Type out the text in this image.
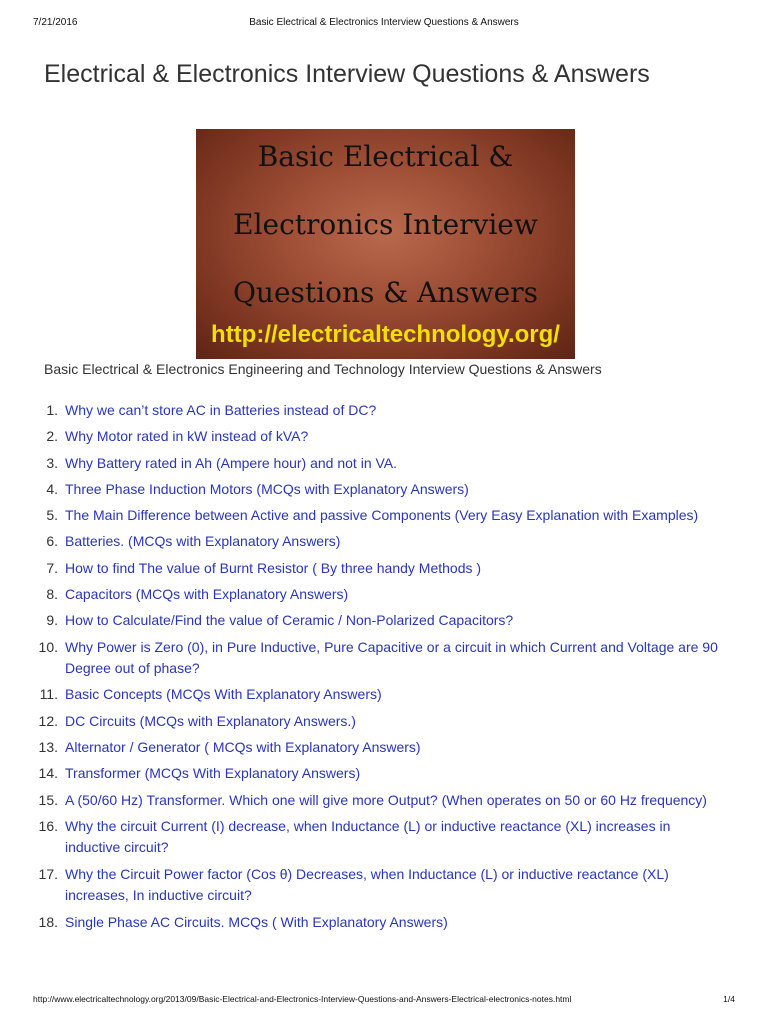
7/21/2016	Basic Electrical & Electronics Interview Questions & Answers
Electrical & Electronics Interview Questions & Answers
Basic Electrical &
Electronics Interview
Questions & Answers
http://electricaltechnology.org/
Basic Electrical & Electronics Engineering and Technology Interview Questions & Answers
1. Why we can’t store AC in Batteries instead of DC?
2. Why Motor rated in kW instead of kVA?
3. Why Battery rated in Ah (Ampere hour) and not in VA.
4. Three Phase Induction Motors (MCQs with Explanatory Answers)
5. The Main Difference between Active and passive Components (Very Easy Explanation with Examples)
6. Batteries. (MCQs with Explanatory Answers)
7. How to find The value of Burnt Resistor ( By three handy Methods )
8. Capacitors (MCQs with Explanatory Answers)
9. How to Calculate/Find the value of Ceramic / Non-Polarized Capacitors?
10. Why Power is Zero (0), in Pure Inductive, Pure Capacitive or a circuit in which Current and Voltage are 90 Degree out of phase?
11. Basic Concepts (MCQs With Explanatory Answers)
12. DC Circuits (MCQs with Explanatory Answers.)
13. Alternator / Generator ( MCQs with Explanatory Answers)
14. Transformer (MCQs With Explanatory Answers)
15. A (50/60 Hz) Transformer. Which one will give more Output? (When operates on 50 or 60 Hz frequency)
16. Why the circuit Current (I) decrease, when Inductance (L) or inductive reactance (XL) increases in inductive circuit?
17. Why the Circuit Power factor (Cos θ) Decreases, when Inductance (L) or inductive reactance (XL) increases, In inductive circuit?
18. Single Phase AC Circuits. MCQs ( With Explanatory Answers)
http://www.electricaltechnology.org/2013/09/Basic-Electrical-and-Electronics-Interview-Questions-and-Answers-Electrical-electronics-notes.html	1/4
